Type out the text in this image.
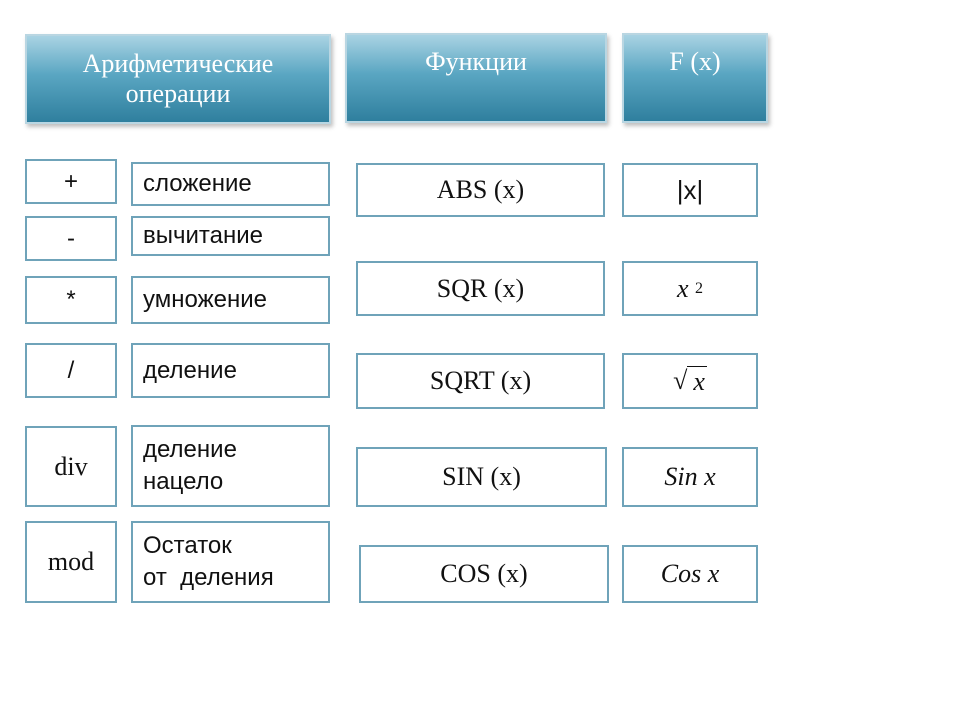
Арифметические
операции
Функции	F (x)
+
-
*
/
div
mod
сложение
вычитание
умножение
деление
деление
нацело
Остаток
от  деления
ABS (x)
SQR (x)
SQRT (x)
SIN (x)
COS (x)
|x|
x
2
√ x
Sin x
Cos x
